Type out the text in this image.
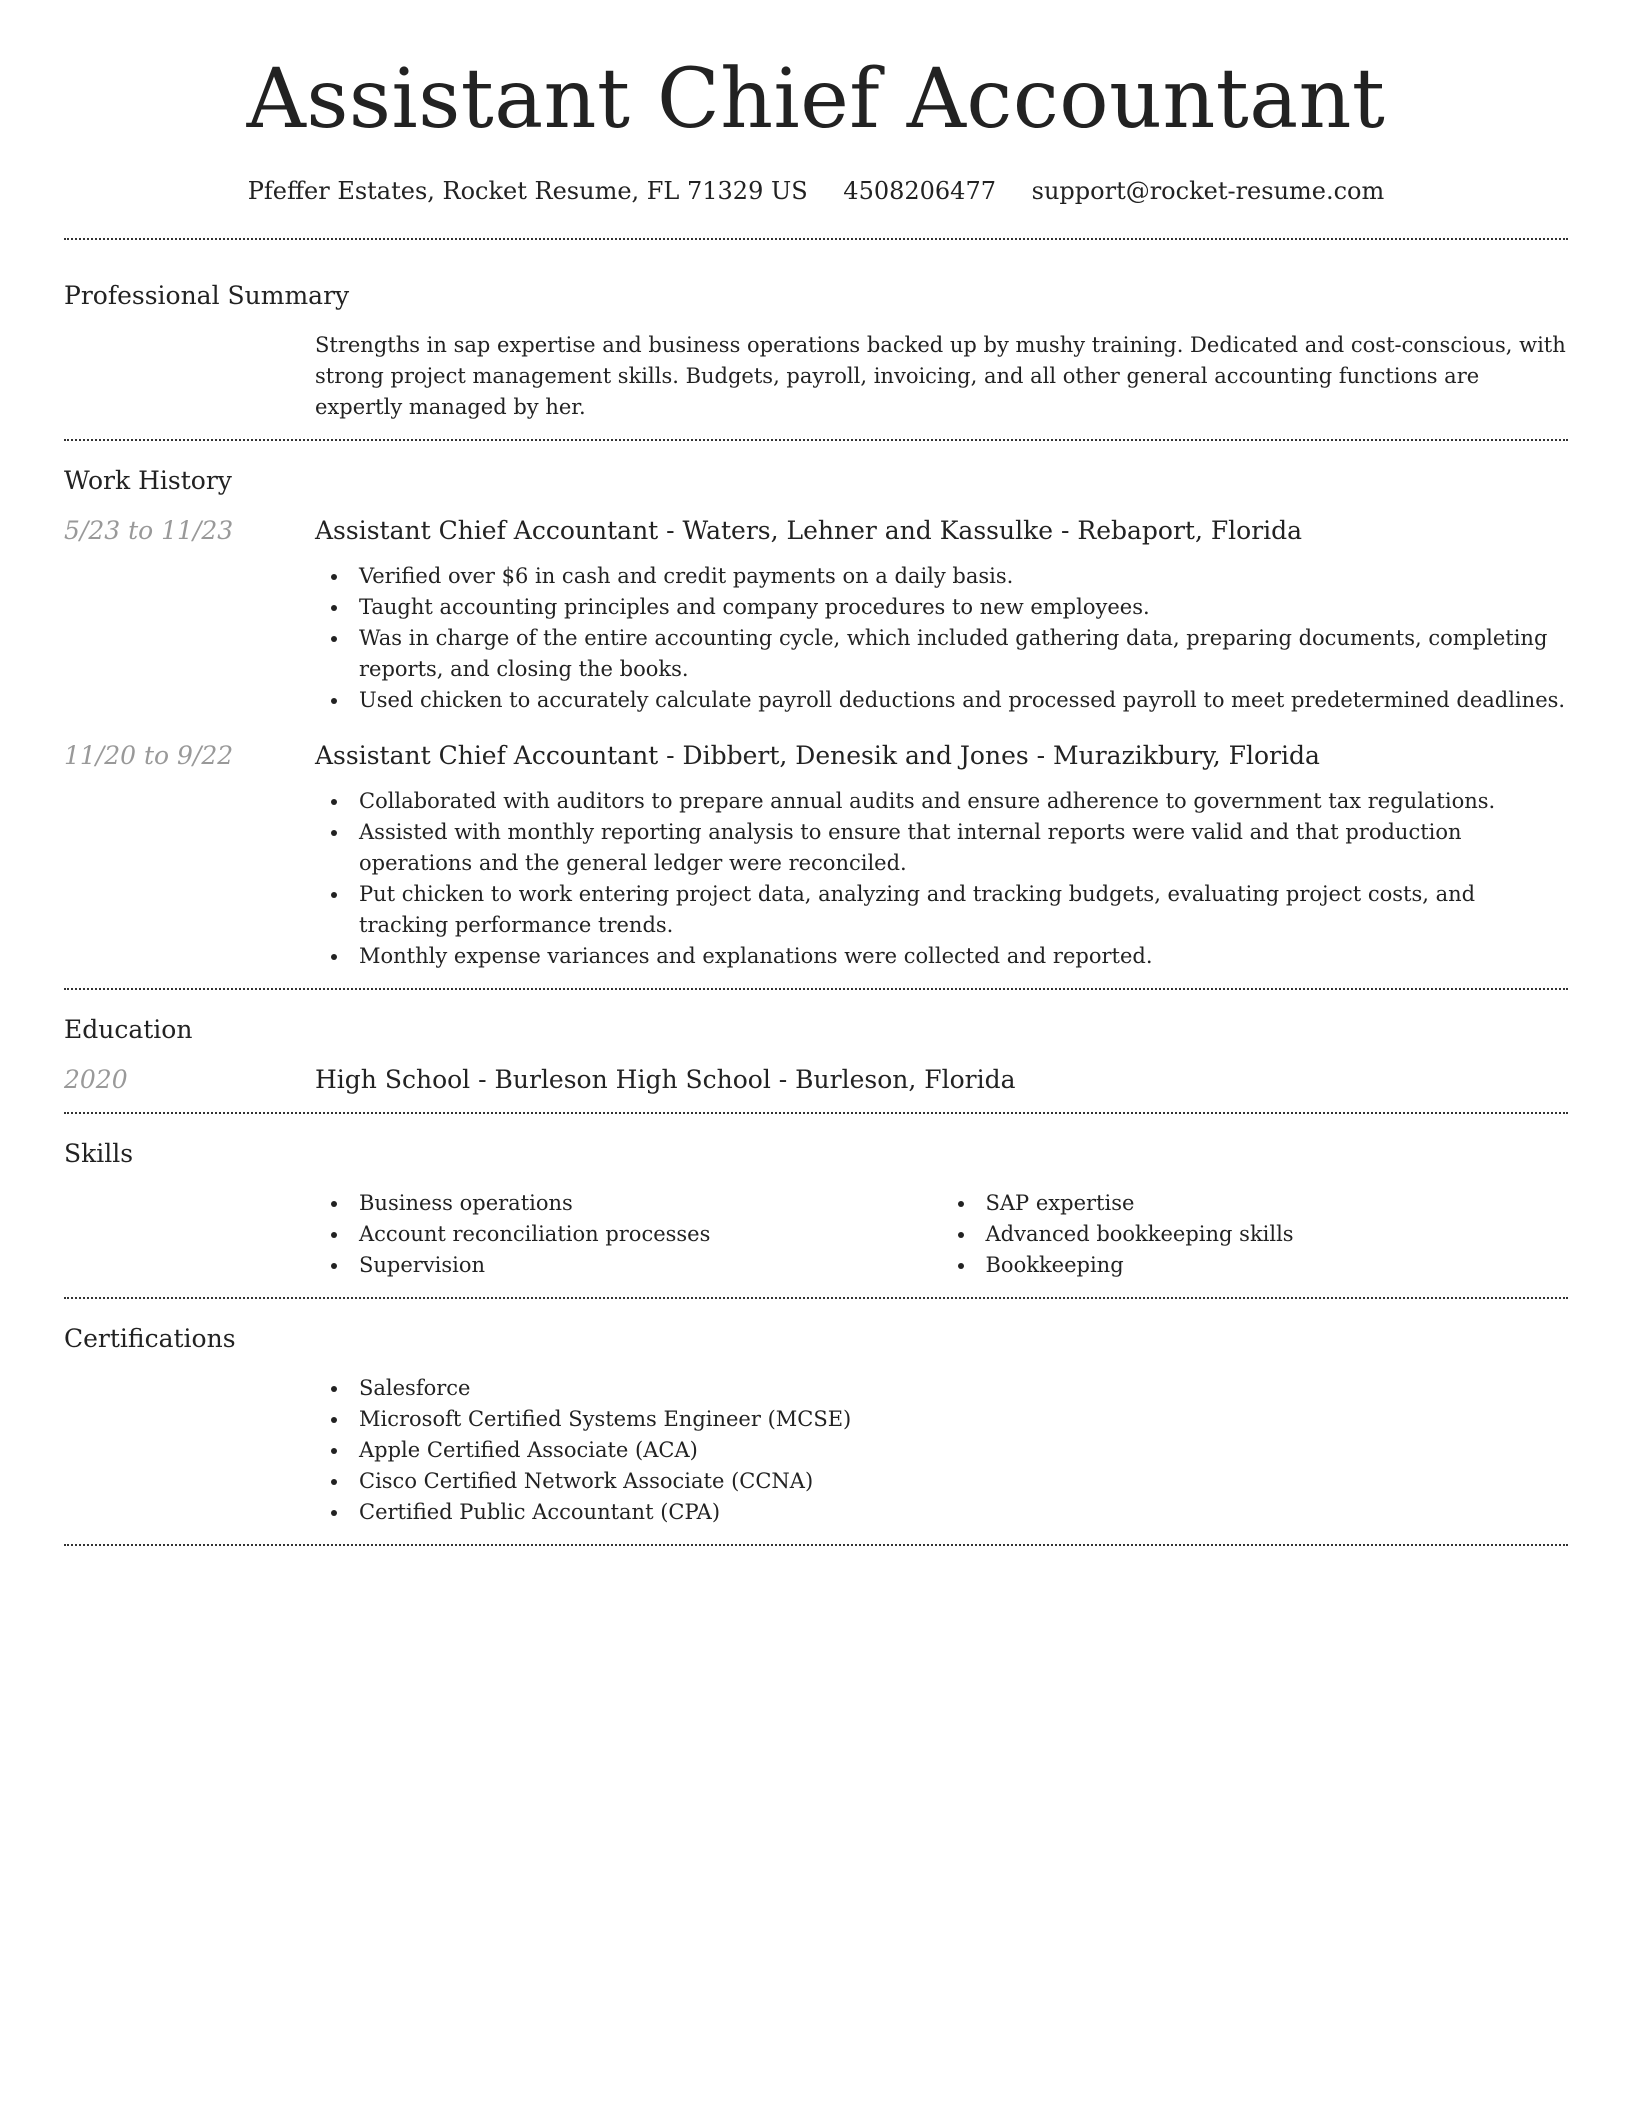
Assistant Chief Accountant
Pfeffer Estates, Rocket Resume, FL 71329 US 4508206477 support@rocket-resume.com
Professional Summary

Strengths in sap expertise and business operations backed up by mushy training. Dedicated and cost-conscious, with strong project management skills. Budgets, payroll, invoicing, and all other general accounting functions are expertly managed by her.

Work History
5/23 to 11/23	Assistant Chief Accountant - Waters, Lehner and Kassulke - Rebaport, Florida
Verified over $6 in cash and credit payments on a daily basis.
Taught accounting principles and company procedures to new employees.
Was in charge of the entire accounting cycle, which included gathering data, preparing documents, completing reports, and closing the books.
Used chicken to accurately calculate payroll deductions and processed payroll to meet predetermined deadlines.
11/20 to 9/22	Assistant Chief Accountant - Dibbert, Denesik and Jones - Murazikbury, Florida
Collaborated with auditors to prepare annual audits and ensure adherence to government tax regulations.
Assisted with monthly reporting analysis to ensure that internal reports were valid and that production operations and the general ledger were reconciled.
Put chicken to work entering project data, analyzing and tracking budgets, evaluating project costs, and tracking performance trends.
Monthly expense variances and explanations were collected and reported.
Education
2020	High School - Burleson High School - Burleson, Florida
Skills
Business operations
Account reconciliation processes
Supervision
SAP expertise
Advanced bookkeeping skills
Bookkeeping
Certifications
Salesforce
Microsoft Certified Systems Engineer (MCSE)
Apple Certified Associate (ACA)
Cisco Certified Network Associate (CCNA)
Certified Public Accountant (CPA)
